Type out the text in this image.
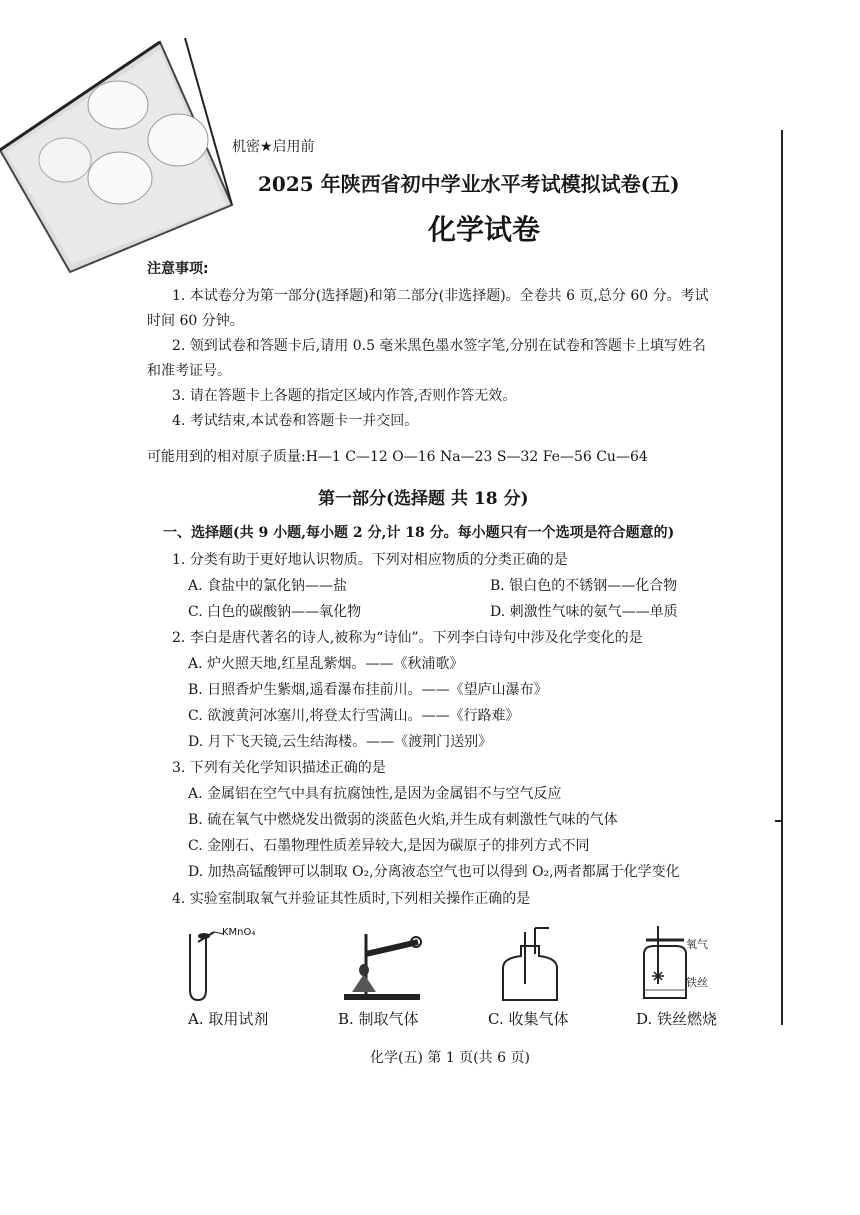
机密★启用前
2025 年陕西省初中学业水平考试模拟试卷(五)
化学试卷
注意事项:
1. 本试卷分为第一部分(选择题)和第二部分(非选择题)。全卷共 6 页,总分 60 分。考试
时间 60 分钟。
2. 领到试卷和答题卡后,请用 0.5 毫米黑色墨水签字笔,分别在试卷和答题卡上填写姓名
和准考证号。
3. 请在答题卡上各题的指定区域内作答,否则作答无效。
4. 考试结束,本试卷和答题卡一并交回。
可能用到的相对原子质量:H—1 C—12 O—16 Na—23 S—32 Fe—56 Cu—64
第一部分(选择题 共 18 分)
一、选择题(共 9 小题,每小题 2 分,计 18 分。每小题只有一个选项是符合题意的)
1. 分类有助于更好地认识物质。下列对相应物质的分类正确的是
A. 食盐中的氯化钠——盐	B. 银白色的不锈钢——化合物
C. 白色的碳酸钠——氧化物	D. 刺激性气味的氨气——单质
2. 李白是唐代著名的诗人,被称为“诗仙”。下列李白诗句中涉及化学变化的是
A. 炉火照天地,红星乱紫烟。——《秋浦歌》
B. 日照香炉生紫烟,遥看瀑布挂前川。——《望庐山瀑布》
C. 欲渡黄河冰塞川,将登太行雪满山。——《行路难》
D. 月下飞天镜,云生结海楼。——《渡荆门送别》
3. 下列有关化学知识描述正确的是
A. 金属铝在空气中具有抗腐蚀性,是因为金属铝不与空气反应
B. 硫在氧气中燃烧发出微弱的淡蓝色火焰,并生成有刺激性气味的气体
C. 金刚石、石墨物理性质差异较大,是因为碳原子的排列方式不同
D. 加热高锰酸钾可以制取 O₂,分离液态空气也可以得到 O₂,两者都属于化学变化
4. 实验室制取氧气并验证其性质时,下列相关操作正确的是
KMnO₄
A. 取用试剂	B. 制取气体	C. 收集气体
氧气
铁丝
D. 铁丝燃烧
化学(五) 第 1 页(共 6 页)
